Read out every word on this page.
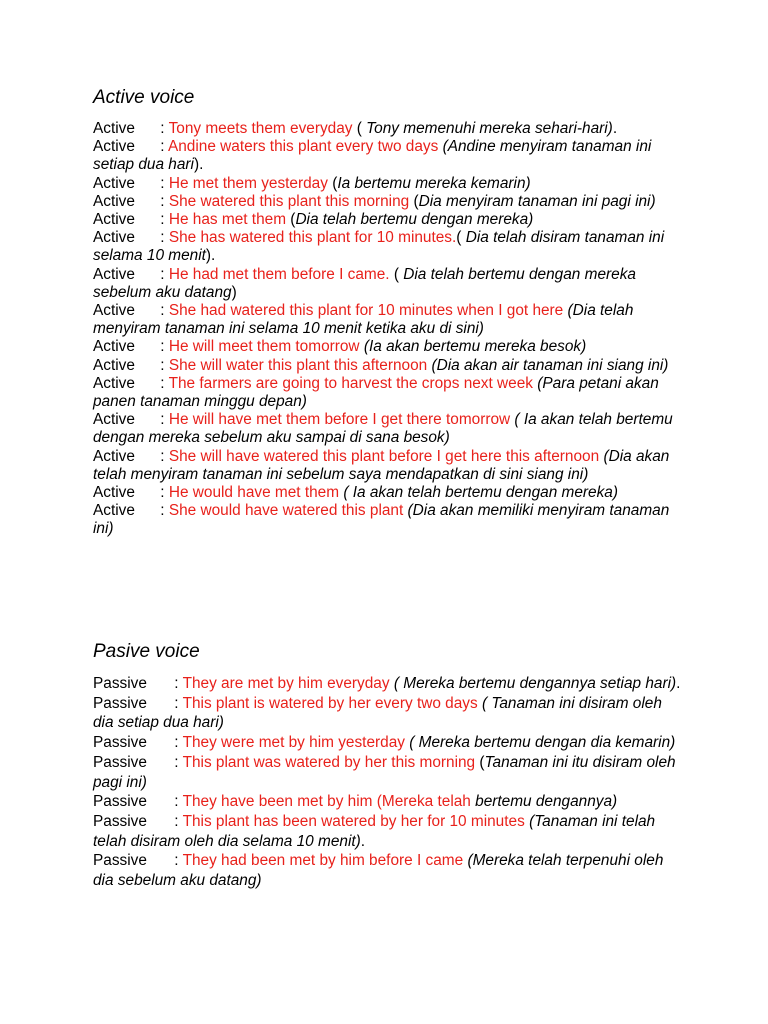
Active voice

Active : Tony meets them everyday ( Tony memenuhi mereka sehari-hari).

Active : Andine waters this plant every two days (Andine menyiram tanaman ini setiap dua hari).

Active : He met them yesterday (Ia bertemu mereka kemarin)

Active : She watered this plant this morning (Dia menyiram tanaman ini pagi ini)

Active : He has met them (Dia telah bertemu dengan mereka)

Active : She has watered this plant for 10 minutes.( Dia telah disiram tanaman ini selama 10 menit).

Active : He had met them before I came. ( Dia telah bertemu dengan mereka sebelum aku datang)

Active : She had watered this plant for 10 minutes when I got here (Dia telah menyiram tanaman ini selama 10 menit ketika aku di sini)

Active : He will meet them tomorrow (Ia akan bertemu mereka besok)

Active : She will water this plant this afternoon (Dia akan air tanaman ini siang ini)

Active : The farmers are going to harvest the crops next week (Para petani akan panen tanaman minggu depan)

Active : He will have met them before I get there tomorrow ( Ia akan telah bertemu dengan mereka sebelum aku sampai di sana besok)

Active : She will have watered this plant before I get here this afternoon (Dia akan telah menyiram tanaman ini sebelum saya mendapatkan di sini siang ini)

Active : He would have met them ( Ia akan telah bertemu dengan mereka)

Active : She would have watered this plant (Dia akan memiliki menyiram tanaman ini)

Pasive voice

Passive : They are met by him everyday ( Mereka bertemu dengannya setiap hari).

Passive : This plant is watered by her every two days ( Tanaman ini disiram oleh dia setiap dua hari)

Passive : They were met by him yesterday ( Mereka bertemu dengan dia kemarin)

Passive : This plant was watered by her this morning (Tanaman ini itu disiram oleh pagi ini)

Passive : They have been met by him (Mereka telah bertemu dengannya)

Passive : This plant has been watered by her for 10 minutes (Tanaman ini telah telah disiram oleh dia selama 10 menit).

Passive : They had been met by him before I came (Mereka telah terpenuhi oleh dia sebelum aku datang)
